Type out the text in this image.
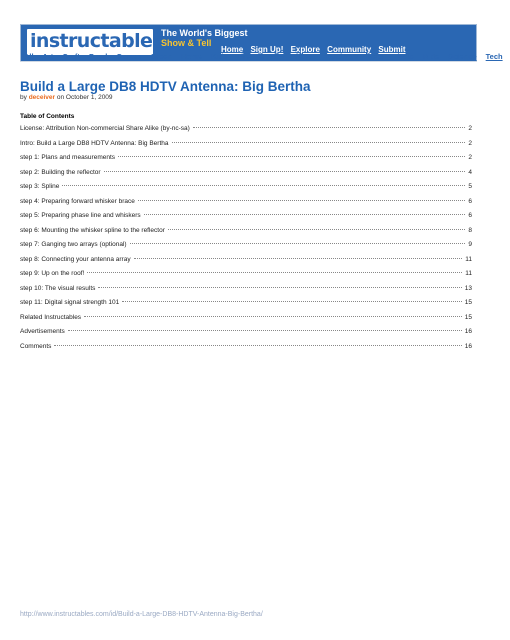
instructables
The World's Biggest
Show & Tell
Home Sign Up! Explore Community Submit
All Art Craft Food Games Green Home Kids Life Music Offbeat Outdoors Pets Photo Ride Science Tech
Build a Large DB8 HDTV Antenna: Big Bertha
by deceiver on October 1, 2009
Table of Contents
License: Attribution Non-commercial Share Alike (by-nc-sa)	2
Intro: Build a Large DB8 HDTV Antenna: Big Bertha	2
step 1: Plans and measurements	2
step 2: Building the reflector	4
step 3: Spline	5
step 4: Preparing forward whisker brace	6
step 5: Preparing phase line and whiskers	6
step 6: Mounting the whisker spline to the reflector	8
step 7: Ganging two arrays (optional)	9
step 8: Connecting your antenna array	11
step 9: Up on the roof!	11
step 10: The visual results	13
step 11: Digital signal strength 101	15
Related Instructables	15
Advertisements	16
Comments	16
http://www.instructables.com/id/Build-a-Large-DB8-HDTV-Antenna-Big-Bertha/
